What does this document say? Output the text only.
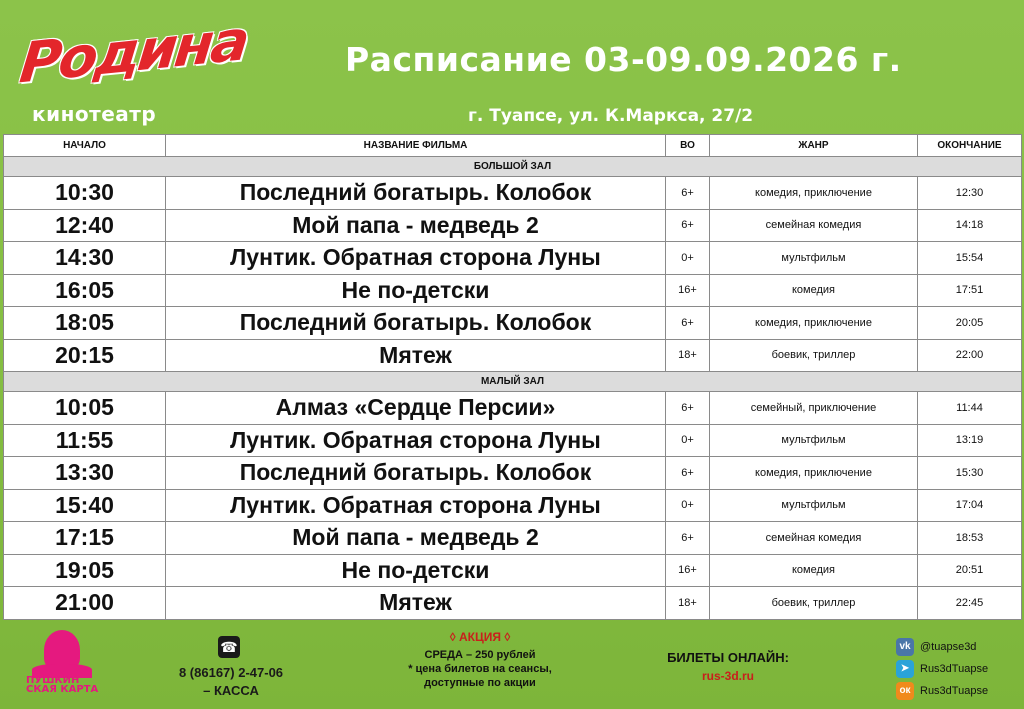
Родина
кинотеатр
Расписание 03-09.09.2026 г.
г. Туапсе, ул. К.Маркса, 27/2
НАЧАЛО	НАЗВАНИЕ ФИЛЬМА	ВО	ЖАНР	ОКОНЧАНИЕ
БОЛЬШОЙ ЗАЛ				
10:30	Последний богатырь. Колобок	6+	комедия, приключение	12:30
12:40	Мой папа - медведь 2	6+	семейная комедия	14:18
14:30	Лунтик. Обратная сторона Луны	0+	мультфильм	15:54
16:05	Не по-детски	16+	комедия	17:51
18:05	Последний богатырь. Колобок	6+	комедия, приключение	20:05
20:15	Мятеж	18+	боевик, триллер	22:00
МАЛЫЙ ЗАЛ				
10:05	Алмаз «Сердце Персии»	6+	семейный, приключение	11:44
11:55	Лунтик. Обратная сторона Луны	0+	мультфильм	13:19
13:30	Последний богатырь. Колобок	6+	комедия, приключение	15:30
15:40	Лунтик. Обратная сторона Луны	0+	мультфильм	17:04
17:15	Мой папа - медведь 2	6+	семейная комедия	18:53
19:05	Не по-детски	16+	комедия	20:51
21:00	Мятеж	18+	боевик, триллер	22:45
ПУШКИН СКАЯ КАРТА
☎
8 (86167) 2-47-06
– КАССА
◊ АКЦИЯ ◊
СРЕДА – 250 рублей
* цена билетов на сеансы, доступные по акции
БИЛЕТЫ ОНЛАЙН:
rus-3d.ru
vk @tuapse3d
➤ Rus3dTuapse
ок Rus3dTuapse
